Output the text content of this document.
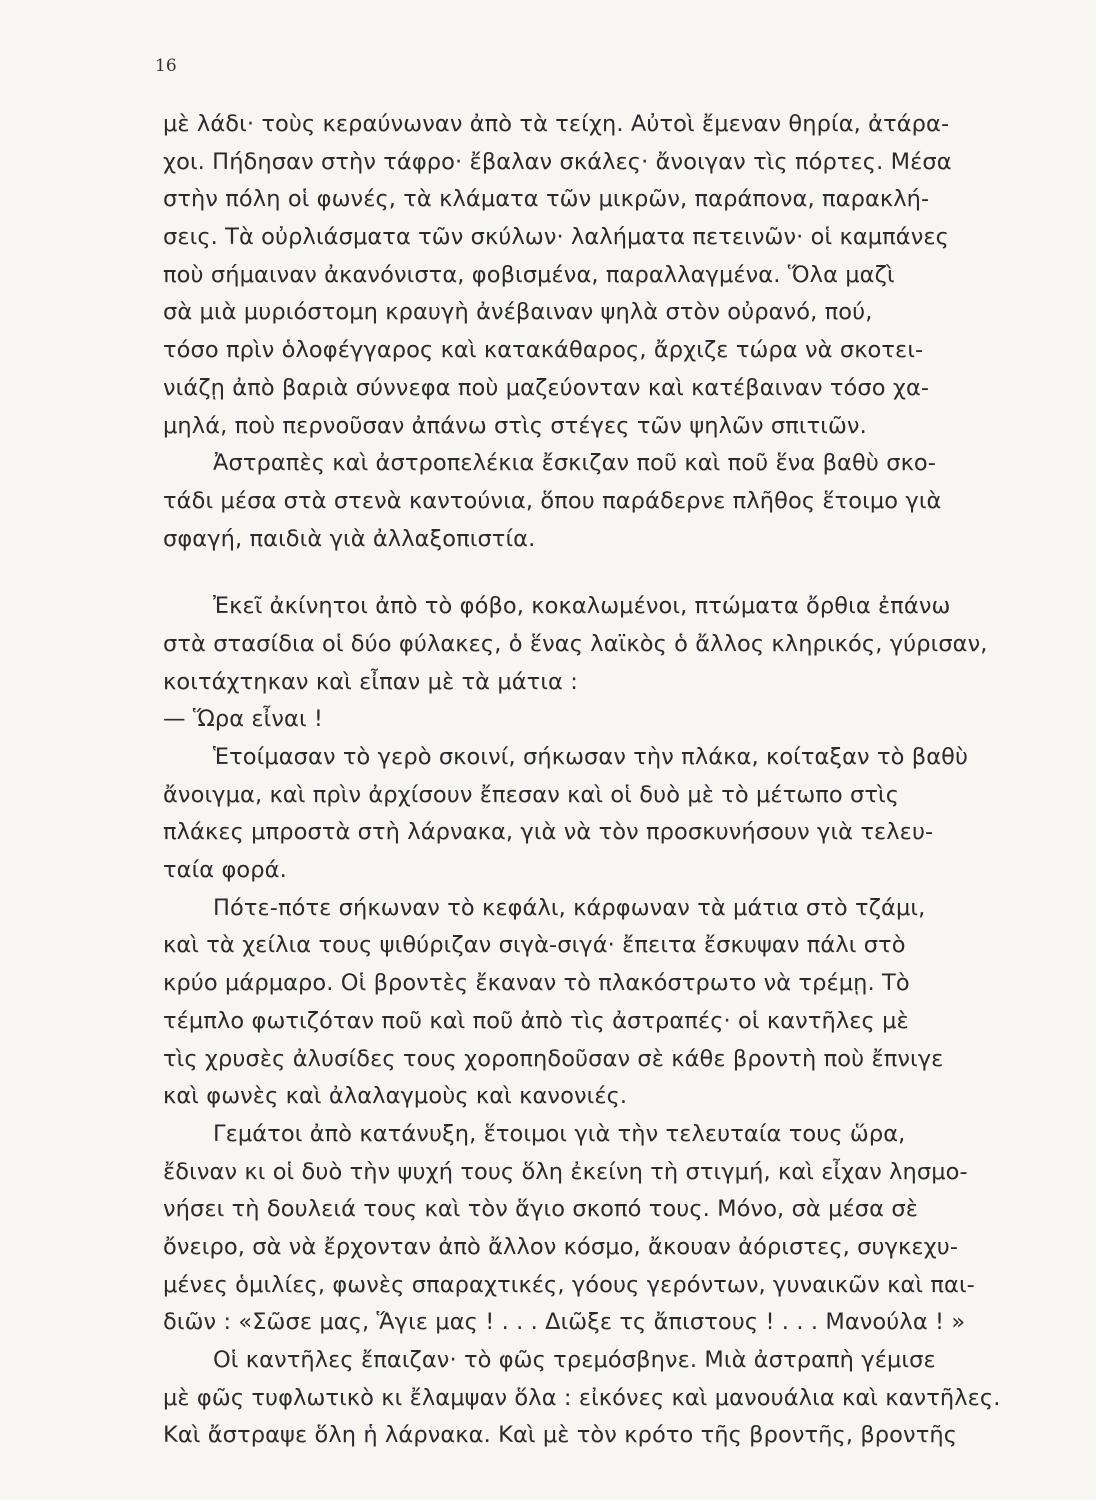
16
μὲ λάδι· τοὺς κεραύνωναν ἀπὸ τὰ τείχη. Αὐτοὶ ἔμεναν θηρία, ἀτάρα-
χοι. Πήδησαν στὴν τάφρο· ἔβαλαν σκάλες· ἄνοιγαν τὶς πόρτες. Μέσα
στὴν πόλη οἱ φωνές, τὰ κλάματα τῶν μικρῶν, παράπονα, παρακλή-
σεις. Τὰ οὐρλιάσματα τῶν σκύλων· λαλήματα πετεινῶν· οἱ καμπάνες
ποὺ σήμαιναν ἀκανόνιστα, φοβισμένα, παραλλαγμένα. Ὅλα μαζὶ
σὰ μιὰ μυριόστομη κραυγὴ ἀνέβαιναν ψηλὰ στὸν οὐρανό, πού,
τόσο πρὶν ὁλοφέγγαρος καὶ κατακάθαρος, ἄρχιζε τώρα νὰ σκοτει-
νιάζῃ ἀπὸ βαριὰ σύννεφα ποὺ μαζεύονταν καὶ κατέβαιναν τόσο χα-
μηλά, ποὺ περνοῦσαν ἀπάνω στὶς στέγες τῶν ψηλῶν σπιτιῶν.
Ἀστραπὲς καὶ ἀστροπελέκια ἔσκιζαν ποῦ καὶ ποῦ ἕνα βαθὺ σκο-
τάδι μέσα στὰ στενὰ καντούνια, ὅπου παράδερνε πλῆθος ἕτοιμο γιὰ
σφαγή, παιδιὰ γιὰ ἀλλαξοπιστία.
Ἐκεῖ ἀκίνητοι ἀπὸ τὸ φόβο, κοκαλωμένοι, πτώματα ὄρθια ἐπάνω
στὰ στασίδια οἱ δύο φύλακες, ὁ ἕνας λαϊκὸς ὁ ἄλλος κληρικός, γύρισαν,
κοιτάχτηκαν καὶ εἶπαν μὲ τὰ μάτια :
— Ὥρα εἶναι !
Ἑτοίμασαν τὸ γερὸ σκοινί, σήκωσαν τὴν πλάκα, κοίταξαν τὸ βαθὺ
ἄνοιγμα, καὶ πρὶν ἀρχίσουν ἔπεσαν καὶ οἱ δυὸ μὲ τὸ μέτωπο στὶς
πλάκες μπροστὰ στὴ λάρνακα, γιὰ νὰ τὸν προσκυνήσουν γιὰ τελευ-
ταία φορά.
Πότε-πότε σήκωναν τὸ κεφάλι, κάρφωναν τὰ μάτια στὸ τζάμι,
καὶ τὰ χείλια τους ψιθύριζαν σιγὰ-σιγά· ἔπειτα ἔσκυψαν πάλι στὸ
κρύο μάρμαρο. Οἱ βροντὲς ἔκαναν τὸ πλακόστρωτο νὰ τρέμῃ. Τὸ
τέμπλο φωτιζόταν ποῦ καὶ ποῦ ἀπὸ τὶς ἀστραπές· οἱ καντῆλες μὲ
τὶς χρυσὲς ἀλυσίδες τους χοροπηδοῦσαν σὲ κάθε βροντὴ ποὺ ἔπνιγε
καὶ φωνὲς καὶ ἀλαλαγμοὺς καὶ κανονιές.
Γεμάτοι ἀπὸ κατάνυξη, ἕτοιμοι γιὰ τὴν τελευταία τους ὥρα,
ἔδιναν κι οἱ δυὸ τὴν ψυχή τους ὅλη ἐκείνη τὴ στιγμή, καὶ εἶχαν λησμο-
νήσει τὴ δουλειά τους καὶ τὸν ἅγιο σκοπό τους. Μόνο, σὰ μέσα σὲ
ὄνειρο, σὰ νὰ ἔρχονταν ἀπὸ ἄλλον κόσμο, ἄκουαν ἀόριστες, συγκεχυ-
μένες ὁμιλίες, φωνὲς σπαραχτικές, γόους γερόντων, γυναικῶν καὶ παι-
διῶν : «Σῶσε μας, Ἅγιε μας ! . . . Διῶξε τς ἄπιστους ! . . . Μανούλα ! »
Οἱ καντῆλες ἔπαιζαν· τὸ φῶς τρεμόσβηνε. Μιὰ ἀστραπὴ γέμισε
μὲ φῶς τυφλωτικὸ κι ἔλαμψαν ὅλα : εἰκόνες καὶ μανουάλια καὶ καντῆλες.
Καὶ ἄστραψε ὅλη ἡ λάρνακα. Καὶ μὲ τὸν κρότο τῆς βροντῆς, βροντῆς
